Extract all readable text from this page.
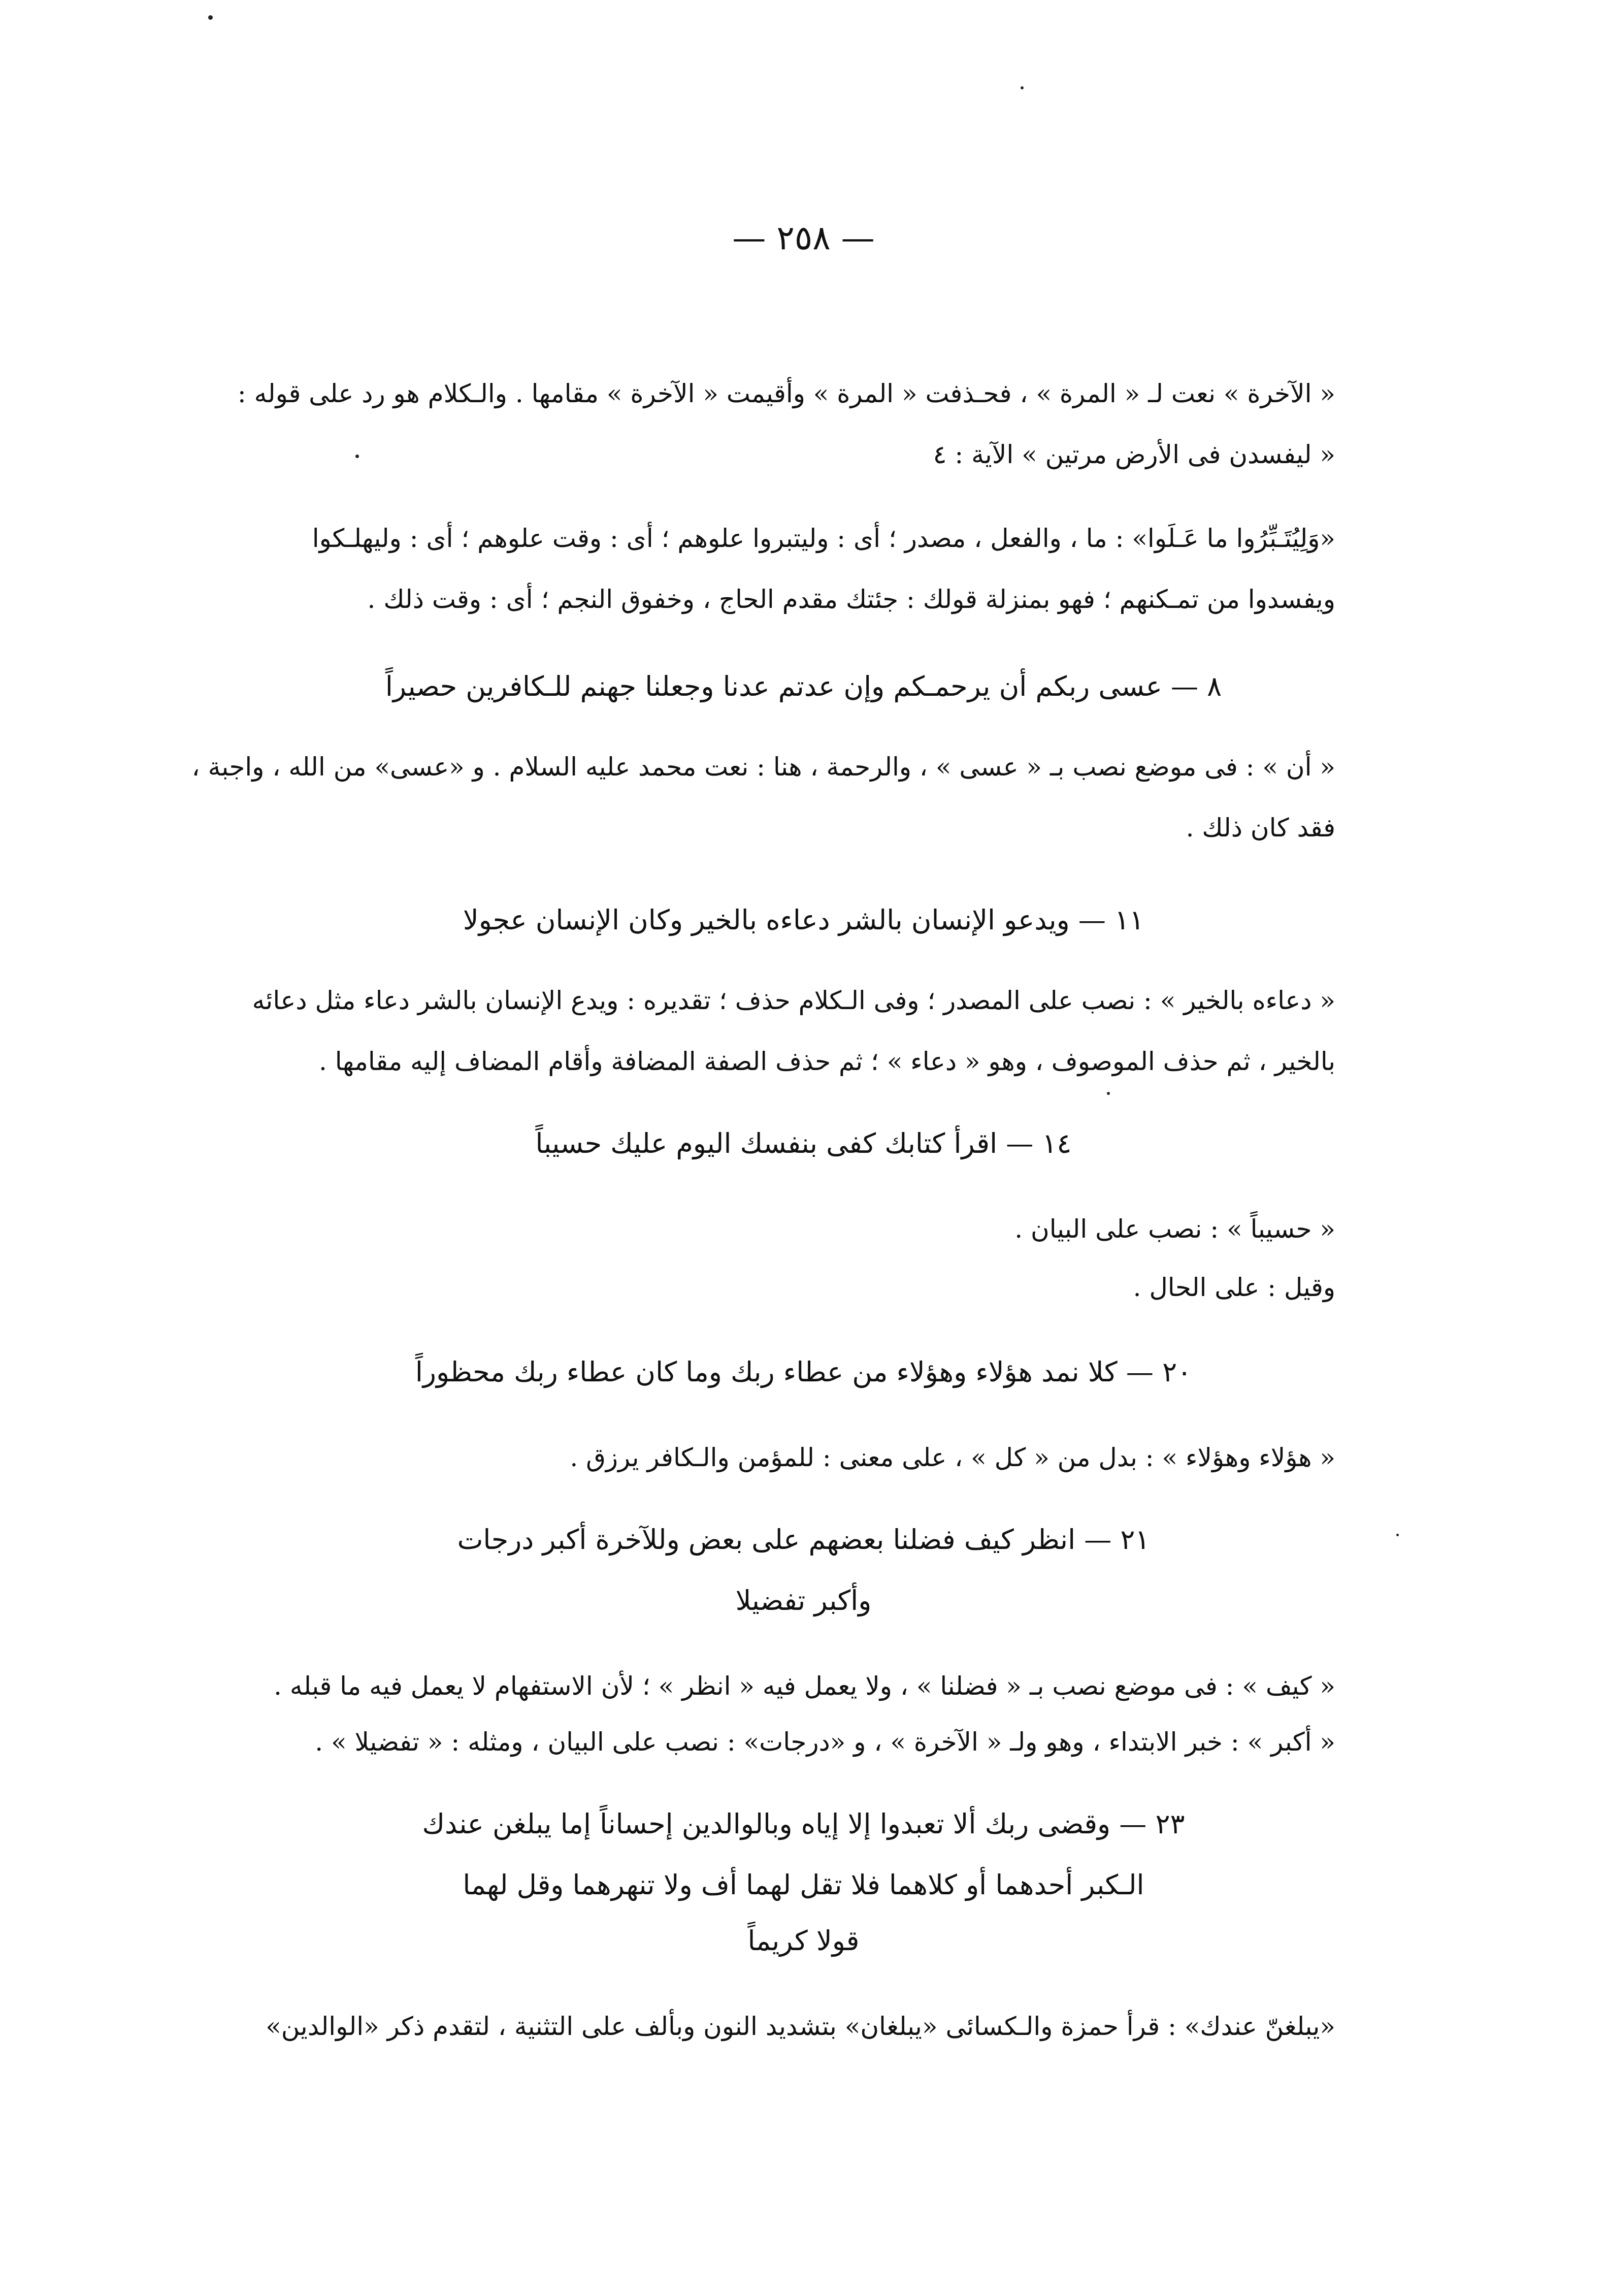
— ٢٥٨ —
« الآخرة » نعت لـ « المرة » ، فحـذفت « المرة » وأقيمت « الآخرة » مقامها . والـكلام هو رد على قوله :
« ليفسدن فى الأرض مرتين » الآية : ٤
«وَلِيُتَـبِّرُوا ما عَـلَوا» : ما ، والفعل ، مصدر ؛ أى : وليتبروا علوهم ؛ أى : وقت علوهم ؛ أى : وليهلـكوا
ويفسدوا من تمـكنهم ؛ فهو بمنزلة قولك : جئتك مقدم الحاج ، وخفوق النجم ؛ أى : وقت ذلك .
٨ — عسى ربكم أن يرحمـكم وإن عدتم عدنا وجعلنا جهنم للـكافرين حصيراً
« أن » : فى موضع نصب بـ « عسى » ، والرحمة ، هنا : نعت محمد عليه السلام . و «عسى» من الله ، واجبة ،
فقد كان ذلك .
١١ — ويدعو الإنسان بالشر دعاءه بالخير وكان الإنسان عجولا
« دعاءه بالخير » : نصب على المصدر ؛ وفى الـكلام حذف ؛ تقديره : ويدع الإنسان بالشر دعاء مثل دعائه
بالخير ، ثم حذف الموصوف ، وهو « دعاء » ؛ ثم حذف الصفة المضافة وأقام المضاف إليه مقامها .
١٤ — اقرأ كتابك كفى بنفسك اليوم عليك حسيباً
« حسيباً » : نصب على البيان .
وقيل : على الحال .
٢٠ — كلا نمد هؤلاء وهؤلاء من عطاء ربك وما كان عطاء ربك محظوراً
« هؤلاء وهؤلاء » : بدل من « كل » ، على معنى : للمؤمن والـكافر يرزق .
٢١ — انظر كيف فضلنا بعضهم على بعض وللآخرة أكبر درجات
وأكبر تفضيلا
« كيف » : فى موضع نصب بـ « فضلنا » ، ولا يعمل فيه « انظر » ؛ لأن الاستفهام لا يعمل فيه ما قبله .
« أكبر » : خبر الابتداء ، وهو ولـ « الآخرة » ، و «درجات» : نصب على البيان ، ومثله : « تفضيلا » .
٢٣ — وقضى ربك ألا تعبدوا إلا إياه وبالوالدين إحساناً إما يبلغن عندك
الـكبر أحدهما أو كلاهما فلا تقل لهما أف ولا تنهرهما وقل لهما
قولا كريماً
«يبلغنّ عندك» : قرأ حمزة والـكسائى «يبلغان» بتشديد النون وبألف على التثنية ، لتقدم ذكر «الوالدين»
